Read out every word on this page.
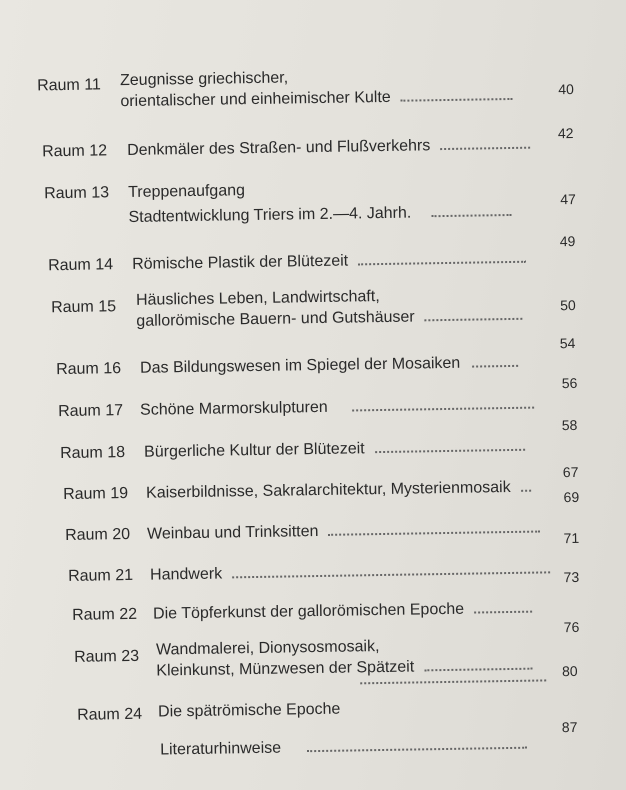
Raum 11 Zeugnisse griechischer,
orientalischer und einheimischer Kulte	40
Raum 12 Denkmäler des Straßen- und Flußverkehrs
42
Raum 13 Treppenaufgang
Stadtentwicklung Triers im 2.—4. Jahrh.
47
Raum 14 Römische Plastik der Blütezeit
49
Raum 15 Häusliches Leben, Landwirtschaft,
gallorömische Bauern- und Gutshäuser
50
Raum 16 Das Bildungswesen im Spiegel der Mosaiken
54
Raum 17 Schöne Marmorskulpturen
56
Raum 18 Bürgerliche Kultur der Blütezeit
58
Raum 19 Kaiserbildnisse, Sakralarchitektur, Mysterienmosaik
67
Raum 20 Weinbau und Trinksitten
69
Raum 21 Handwerk
71
Raum 22 Die Töpferkunst der gallorömischen Epoche
73
Raum 23 Wandmalerei, Dionysosmosaik,
Kleinkunst, Münzwesen der Spätzeit
76
80
Raum 24 Die spätrömische Epoche
Literaturhinweise
87
